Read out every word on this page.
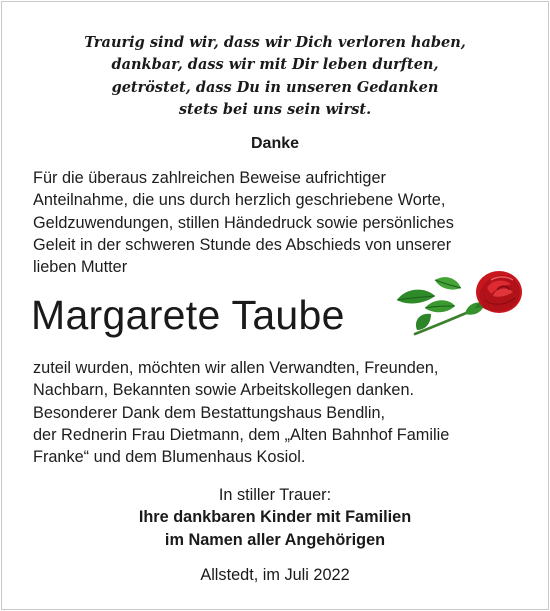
Traurig sind wir, dass wir Dich verloren haben,
dankbar, dass wir mit Dir leben durften,
getröstet, dass Du in unseren Gedanken
stets bei uns sein wirst.
Danke
Für die überaus zahlreichen Beweise aufrichtiger
Anteilnahme, die uns durch herzlich geschriebene Worte,
Geldzuwendungen, stillen Händedruck sowie persönliches
Geleit in der schweren Stunde des Abschieds von unserer
lieben Mutter
Margarete Taube
zuteil wurden, möchten wir allen Verwandten, Freunden,
Nachbarn, Bekannten sowie Arbeitskollegen danken.
Besonderer Dank dem Bestattungshaus Bendlin,
der Rednerin Frau Dietmann, dem „Alten Bahnhof Familie
Franke“ und dem Blumenhaus Kosiol.
In stiller Trauer:
Ihre dankbaren Kinder mit Familien
im Namen aller Angehörigen
Allstedt, im Juli 2022
